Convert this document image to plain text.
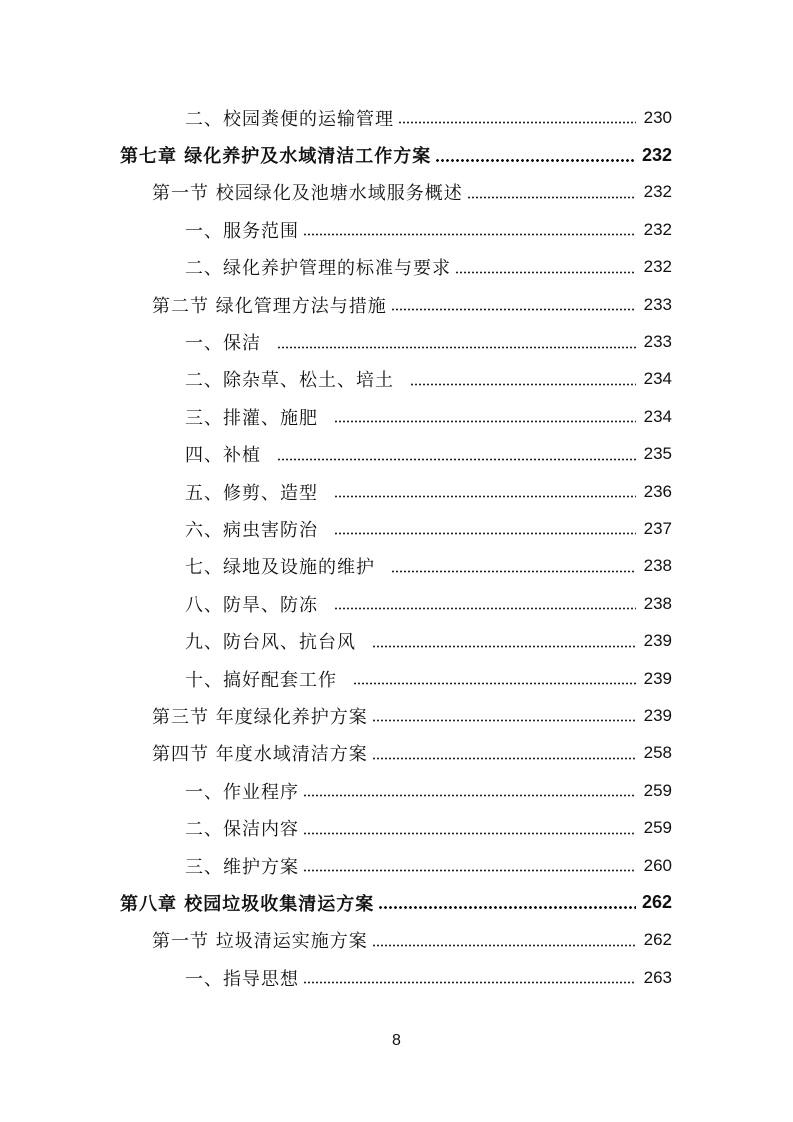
二、校园粪便的运输管理	230
第七章 绿化养护及水域清洁工作方案	232
第一节 校园绿化及池塘水域服务概述	232
一、服务范围	232
二、绿化养护管理的标准与要求	232
第二节 绿化管理方法与措施	233
一、保洁	233
二、除杂草、松土、培土	234
三、排灌、施肥	234
四、补植	235
五、修剪、造型	236
六、病虫害防治	237
七、绿地及设施的维护	238
八、防旱、防冻	238
九、防台风、抗台风	239
十、搞好配套工作	239
第三节 年度绿化养护方案	239
第四节 年度水域清洁方案	258
一、作业程序	259
二、保洁内容	259
三、维护方案	260
第八章 校园垃圾收集清运方案	262
第一节 垃圾清运实施方案	262
一、指导思想	263
8
